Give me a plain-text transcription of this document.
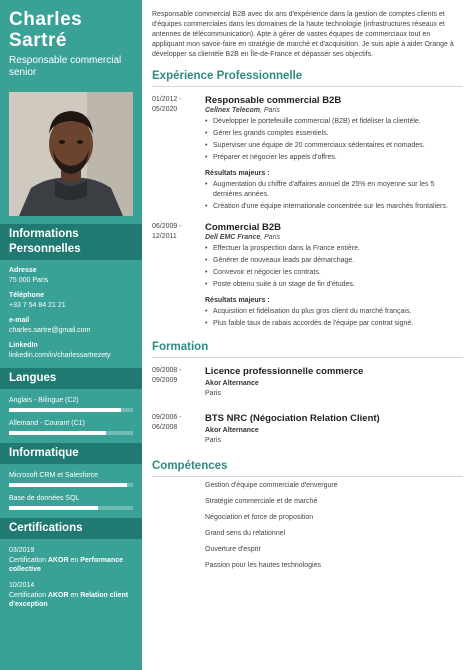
Charles
Sartré
Responsable commercial senior
Informations Personnelles
Adresse
75 000 Paris
Téléphone
+33 7 54 84 21 21
e-mail
charles.sartre@gmail.com
LinkedIn
linkedin.com/in/charlessartrezety
Langues
Anglais - Bilingue (C2)
Allemand - Courant (C1)
Informatique
Microsoft CRM et Salesforce
Base de données SQL
Certifications
03/2019
Certification AKOR en Performance collective
10/2014
Certification AKOR en Relation client d'exception

Responsable commercial B2B avec dix ans d'expérience dans la gestion de comptes clients et d'équipes commerciales dans les domaines de la haute technologie (infrastructures réseaux et antennes de télécommunication). Apte à gérer de vastes équipes de commerciaux tout en appliquant mon savoir-faire en stratégie de marché et d'acquisition. Je suis apte à aider Orange à développer sa clientèle B2B en Île-de-France et dépasser ses objectifs.

Expérience Professionnelle
01/2012 -
05/2020
Responsable commercial B2B
Cellnex Telecom, Paris
• Développer le portefeuille commercial (B2B) et fidéliser la clientèle.
• Gérer les grands comptes essentiels.
• Superviser une équipe de 20 commerciaux sédentaires et nomades.
• Préparer et négocier les appels d'offres.
Résultats majeurs :
• Augmentation du chiffre d'affaires annuel de 25% en moyenne sur les 5 dernières années.
• Création d'une équipe internationale concentrée sur les marchés frontaliers.
06/2009 -
12/2011
Commercial B2B
Dell EMC France, Paris
• Effectuer la prospection dans la France entière.
• Générer de nouveaux leads par démarchage.
• Convevoir et négocier les contrats.
• Poste obtenu suite à un stage de fin d'études.
Résultats majeurs :
• Acquisition et fidélisation du plus gros client du marché français.
• Plus faible taux de rabais accordés de l'équipe par contrat signé.
Formation
09/2008 -
09/2009
Licence professionnelle commerce
Akor Alternance
Paris
09/2006 -
06/2008
BTS NRC (Négociation Relation Client)
Akor Alternance
Paris
Compétences
Gestion d'équipe commerciale d'envergure
Stratégie commerciale et de marché
Négociation et force de proposition
Grand sens du relationnel
Ouverture d'esprit
Passion pour les hautes technologies
